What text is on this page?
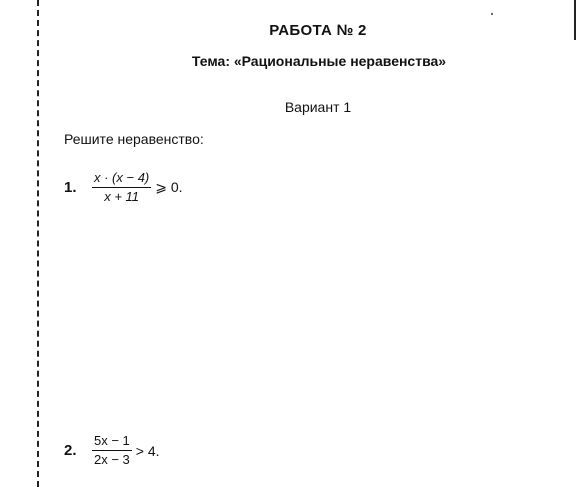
РАБОТА № 2
Тема: «Рациональные неравенства»
Вариант 1
Решите неравенство:
1.	$\frac{x \cdot (x - 4)}{x + 11}$ ⩾ 0.
2.	$\frac{5x - 1}{2x - 3} > 4$.
